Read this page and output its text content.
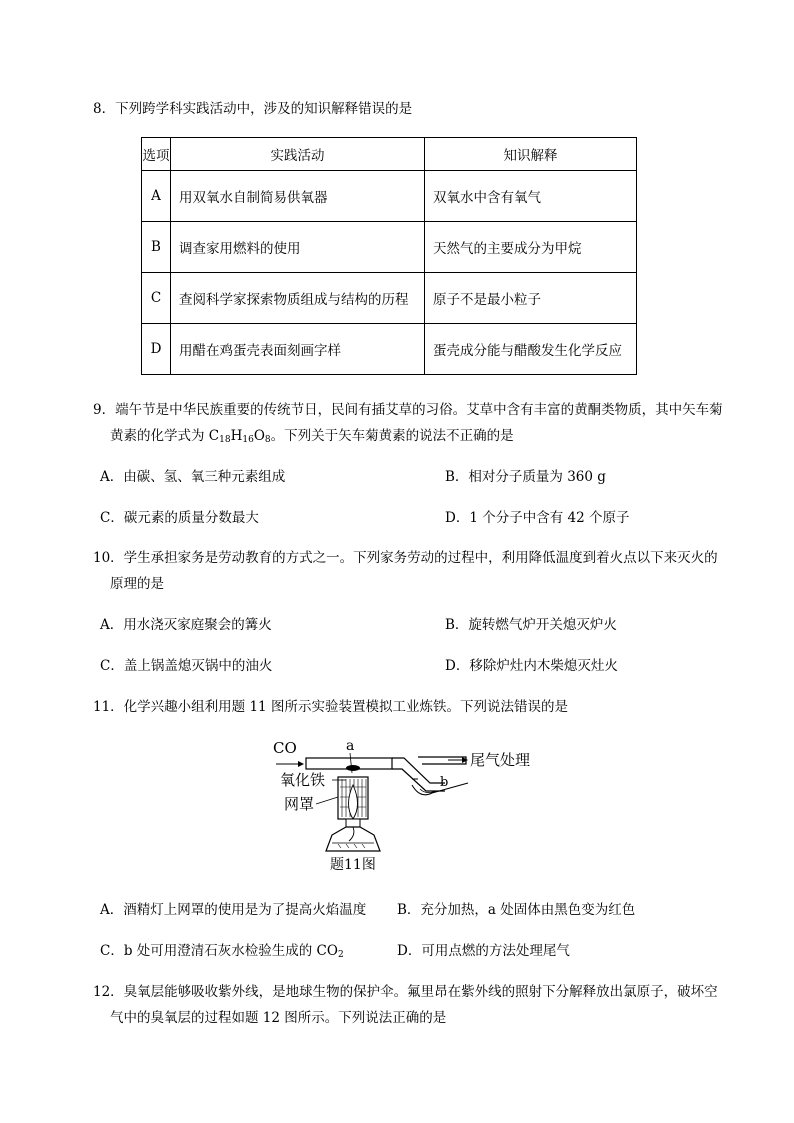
8．下列跨学科实践活动中，涉及的知识解释错误的是
选项	实践活动	知识解释
A	用双氧水自制简易供氧器	双氧水中含有氧气
B	调查家用燃料的使用	天然气的主要成分为甲烷
C	查阅科学家探索物质组成与结构的历程	原子不是最小粒子
D	用醋在鸡蛋壳表面刻画字样	蛋壳成分能与醋酸发生化学反应
9．端午节是中华民族重要的传统节日，民间有插艾草的习俗。艾草中含有丰富的黄酮类物质，其中矢车菊
黄素的化学式为 $C_{18}H_{16}O_8$。下列关于矢车菊黄素的说法不正确的是
A．由碳、氢、氧三种元素组成	B．相对分子质量为 360 g
C．碳元素的质量分数最大	D．1 个分子中含有 42 个原子
10．学生承担家务是劳动教育的方式之一。下列家务劳动的过程中，利用降低温度到着火点以下来灭火的
原理的是
A．用水浇灭家庭聚会的篝火	B．旋转燃气炉开关熄灭炉火
C．盖上锅盖熄灭锅中的油火	D．移除炉灶内木柴熄灭灶火
11．化学兴趣小组利用题 11 图所示实验装置模拟工业炼铁。下列说法错误的是
CO	a
b
尾气处理
氧化铁
网罩
题11图
A．酒精灯上网罩的使用是为了提高火焰温度 B．充分加热，a 处固体由黑色变为红色
C．b 处可用澄清石灰水检验生成的 $CO_2$	D．可用点燃的方法处理尾气
12．臭氧层能够吸收紫外线，是地球生物的保护伞。氟里昂在紫外线的照射下分解释放出氯原子，破坏空
气中的臭氧层的过程如题 12 图所示。下列说法正确的是
